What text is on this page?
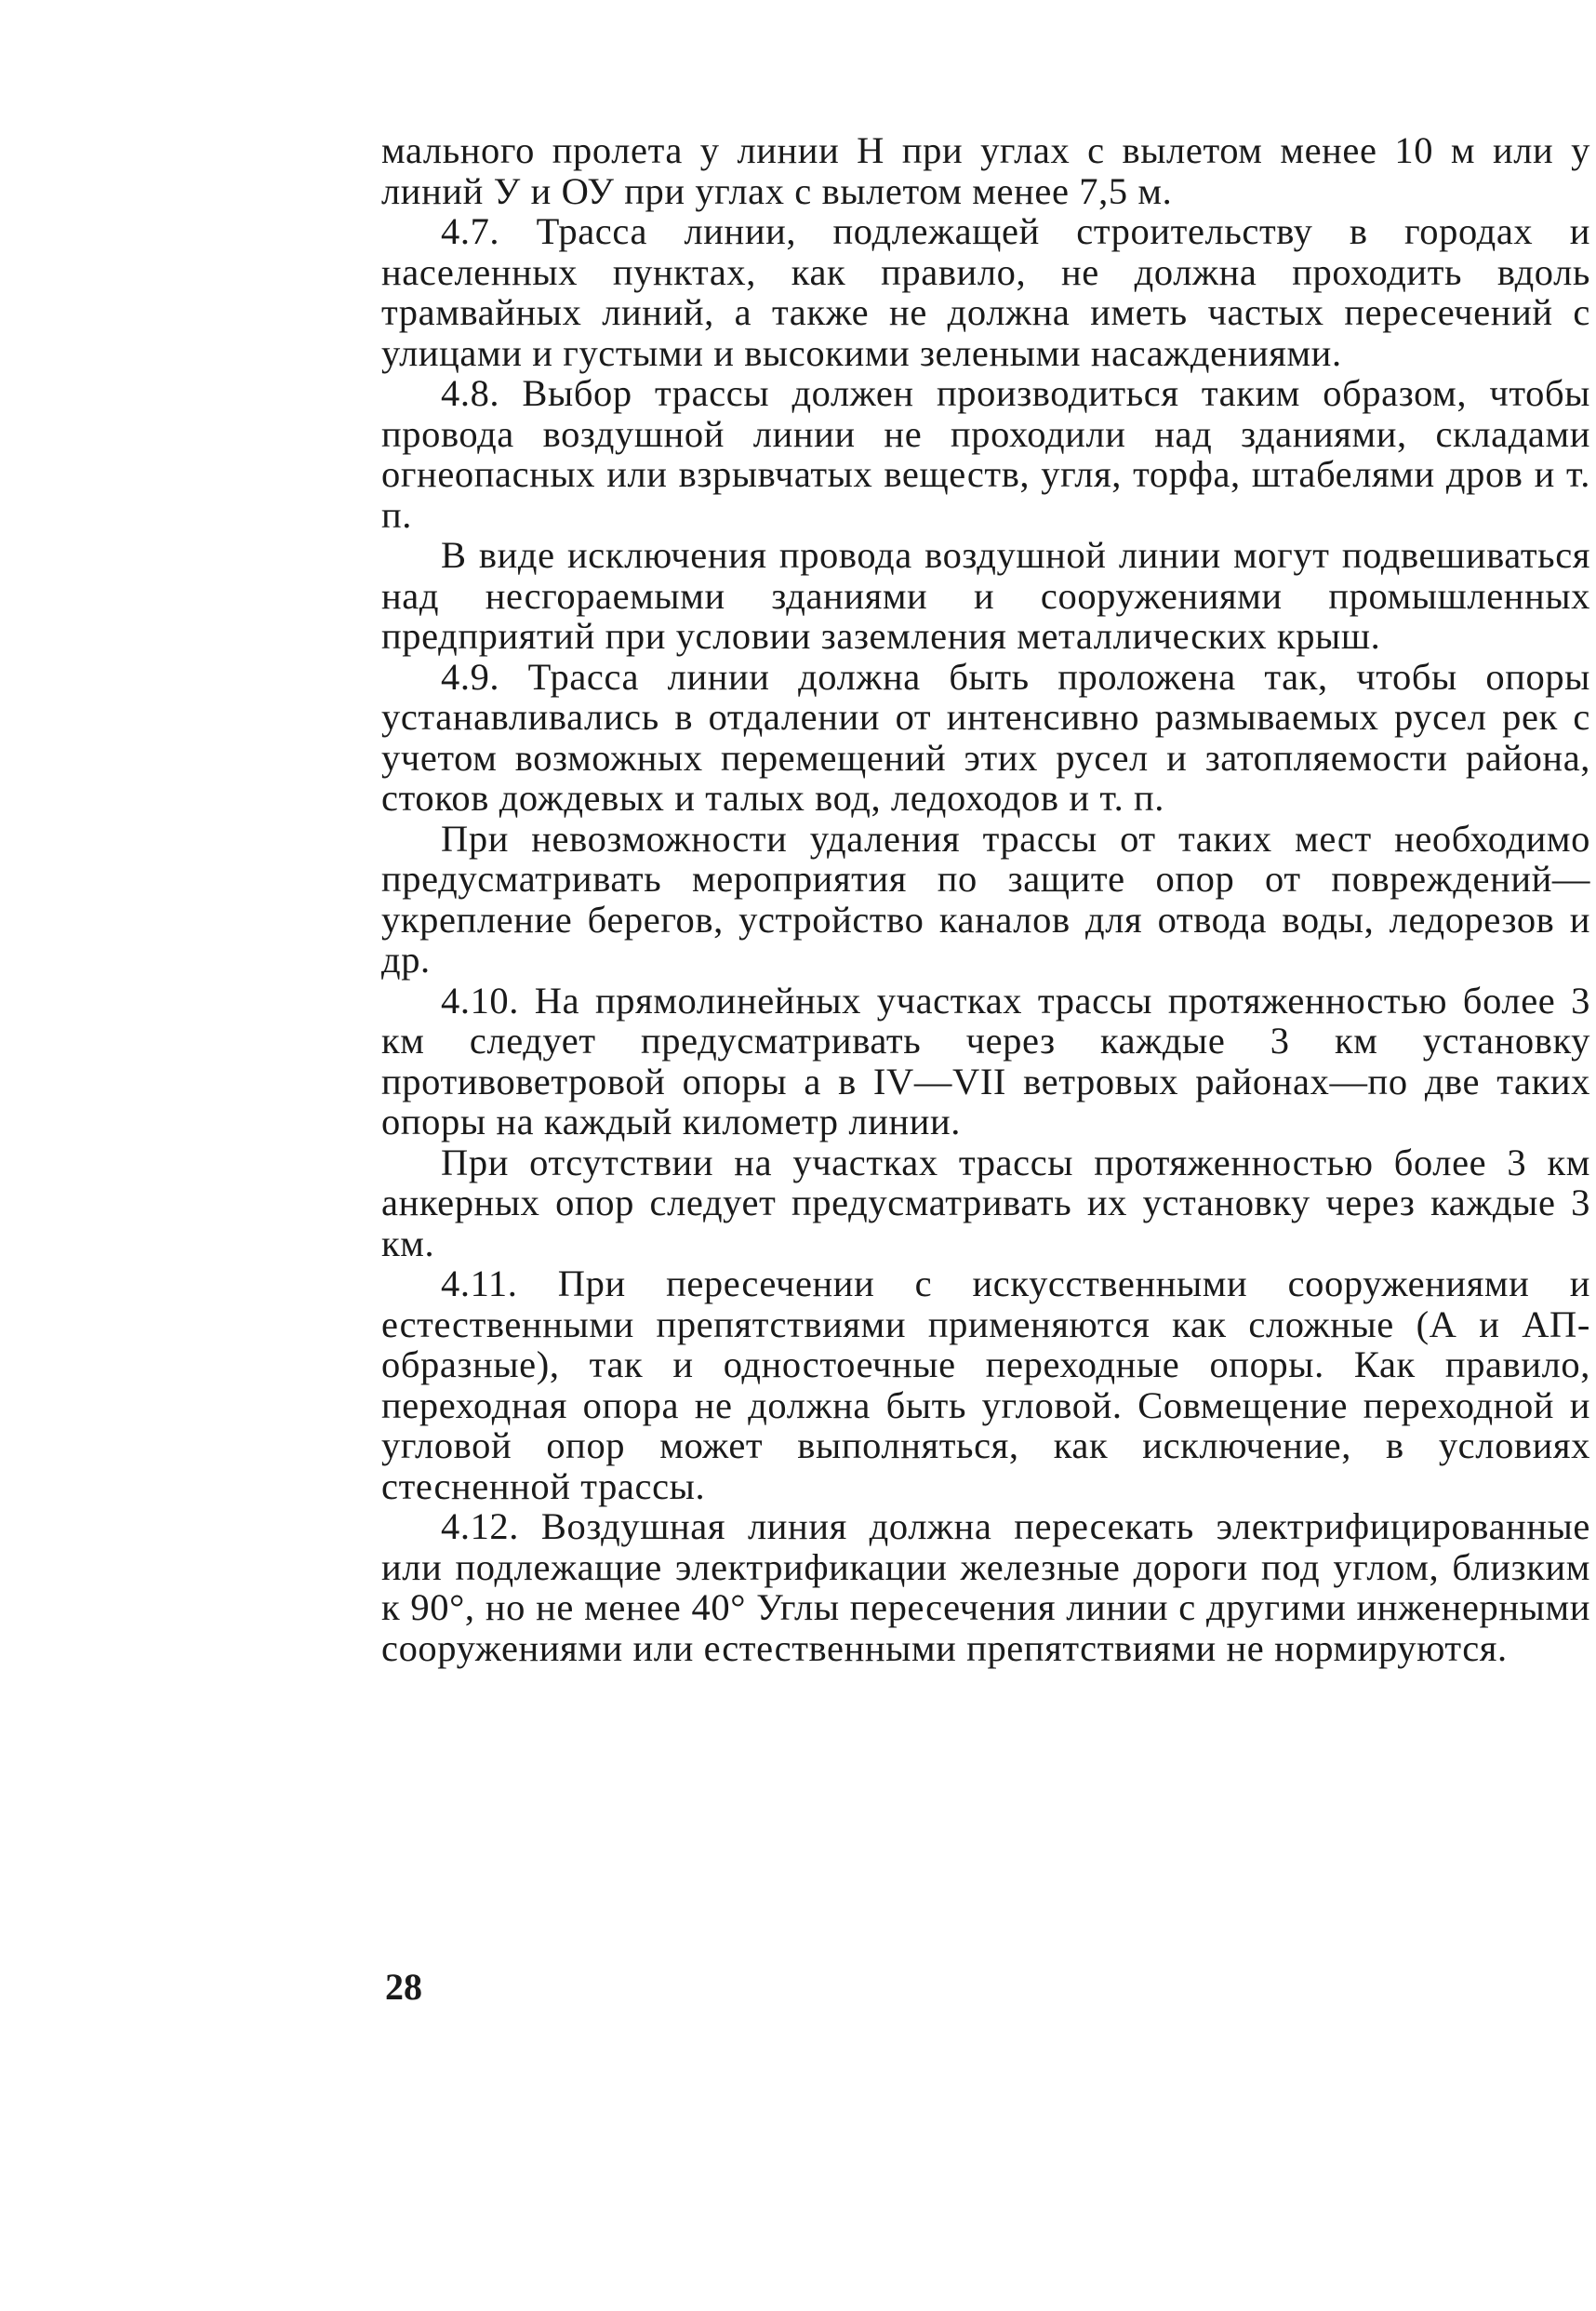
мального пролета у линии Н при углах с вылетом менее 10 м или у линий У и ОУ при углах с вылетом менее 7,5 м.

4.7. Трасса линии, подлежащей строительству в городах и населенных пунктах, как правило, не должна проходить вдоль трамвайных линий, а также не должна иметь частых пересечений с улицами и густыми и высокими зелеными насаждениями.

4.8. Выбор трассы должен производиться таким образом, чтобы провода воздушной линии не проходили над зданиями, складами огнеопасных или взрывчатых веществ, угля, торфа, штабелями дров и т. п.

В виде исключения провода воздушной линии могут подвешиваться над несгораемыми зданиями и сооружениями промышленных предприятий при условии заземления металлических крыш.

4.9. Трасса линии должна быть проложена так, чтобы опоры устанавливались в отдалении от интенсивно размываемых русел рек с учетом возможных перемещений этих русел и затопляемости района, стоков дождевых и талых вод, ледоходов и т. п.

При невозможности удаления трассы от таких мест необходимо предусматривать мероприятия по защите опор от повреждений—укрепление берегов, устройство каналов для отвода воды, ледорезов и др.

4.10. На прямолинейных участках трассы протяженностью более 3 км следует предусматривать через каждые 3 км установку противоветровой опоры а в IV—VII ветровых районах—по две таких опоры на каждый километр линии.

При отсутствии на участках трассы протяженностью более 3 км анкерных опор следует предусматривать их установку через каждые 3 км.

4.11. При пересечении с искусственными сооружениями и естественными препятствиями применяются как сложные (А и АП-образные), так и одностоечные переходные опоры. Как правило, переходная опора не должна быть угловой. Совмещение переходной и угловой опор может выполняться, как исключение, в условиях стесненной трассы.

4.12. Воздушная линия должна пересекать электрифицированные или подлежащие электрификации железные дороги под углом, близким к 90°, но не менее 40° Углы пересечения линии с другими инженерными сооружениями или естественными препятствиями не нормируются.

28
